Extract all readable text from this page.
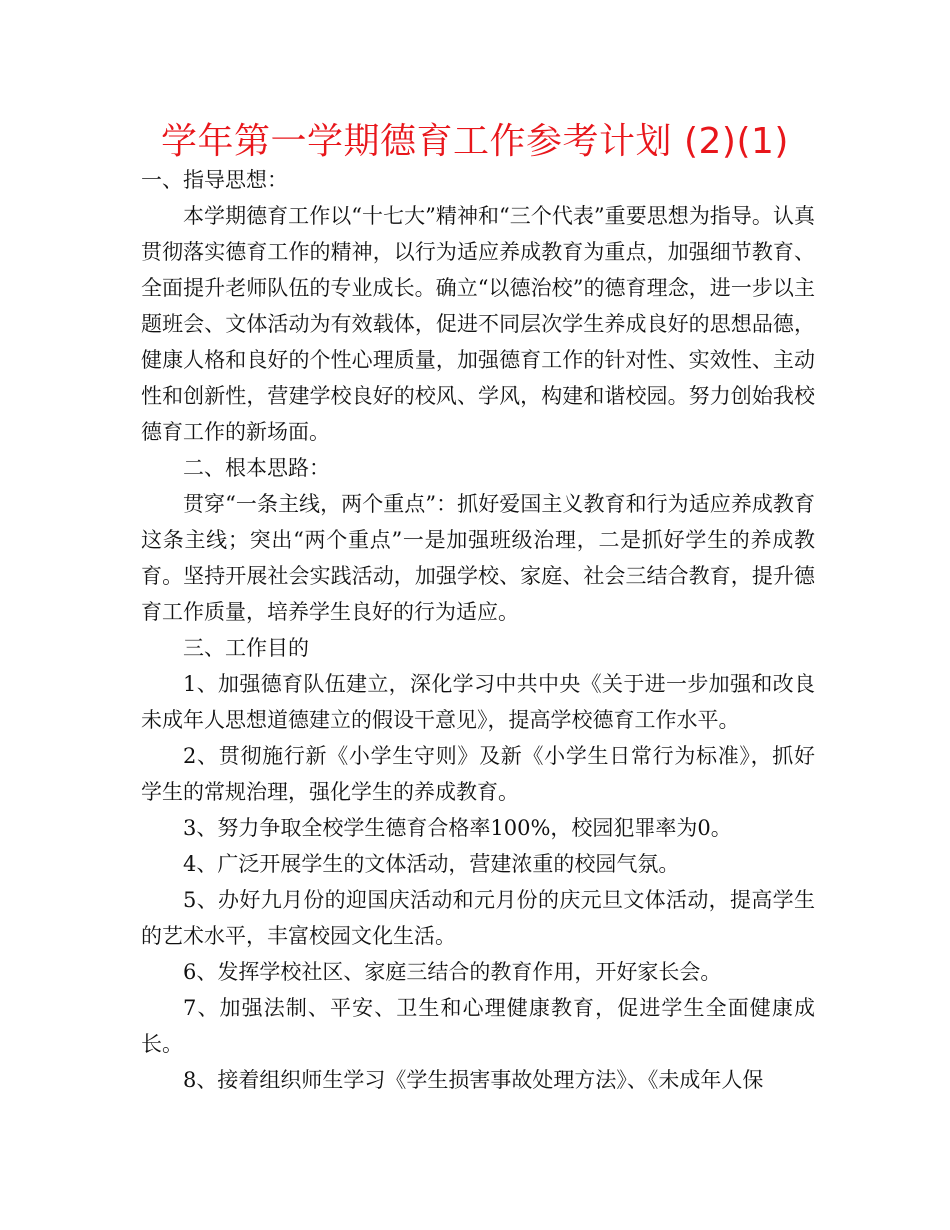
学年第一学期德育工作参考计划 (2)(1)

一、指导思想：

本学期德育工作以“十七大”精神和“三个代表”重要思想为指导。认真贯彻落实德育工作的精神，以行为适应养成教育为重点，加强细节教育、全面提升老师队伍的专业成长。确立“以德治校”的德育理念，进一步以主题班会、文体活动为有效载体，促进不同层次学生养成良好的思想品德，健康人格和良好的个性心理质量，加强德育工作的针对性、实效性、主动性和创新性，营建学校良好的校风、学风，构建和谐校园。努力创始我校德育工作的新场面。

二、根本思路：

贯穿“一条主线，两个重点”：抓好爱国主义教育和行为适应养成教育这条主线；突出“两个重点”一是加强班级治理，二是抓好学生的养成教育。坚持开展社会实践活动，加强学校、家庭、社会三结合教育，提升德育工作质量，培养学生良好的行为适应。

三、工作目的

1、加强德育队伍建立，深化学习中共中央《关于进一步加强和改良未成年人思想道德建立的假设干意见》，提高学校德育工作水平。

2、贯彻施行新《小学生守则》及新《小学生日常行为标准》，抓好学生的常规治理，强化学生的养成教育。

3、努力争取全校学生德育合格率100%，校园犯罪率为0。

4、广泛开展学生的文体活动，营建浓重的校园气氛。

5、办好九月份的迎国庆活动和元月份的庆元旦文体活动，提高学生的艺术水平，丰富校园文化生活。

6、发挥学校社区、家庭三结合的教育作用，开好家长会。

7、加强法制、平安、卫生和心理健康教育，促进学生全面健康成长。

8、接着组织师生学习《学生损害事故处理方法》、《未成年人保
